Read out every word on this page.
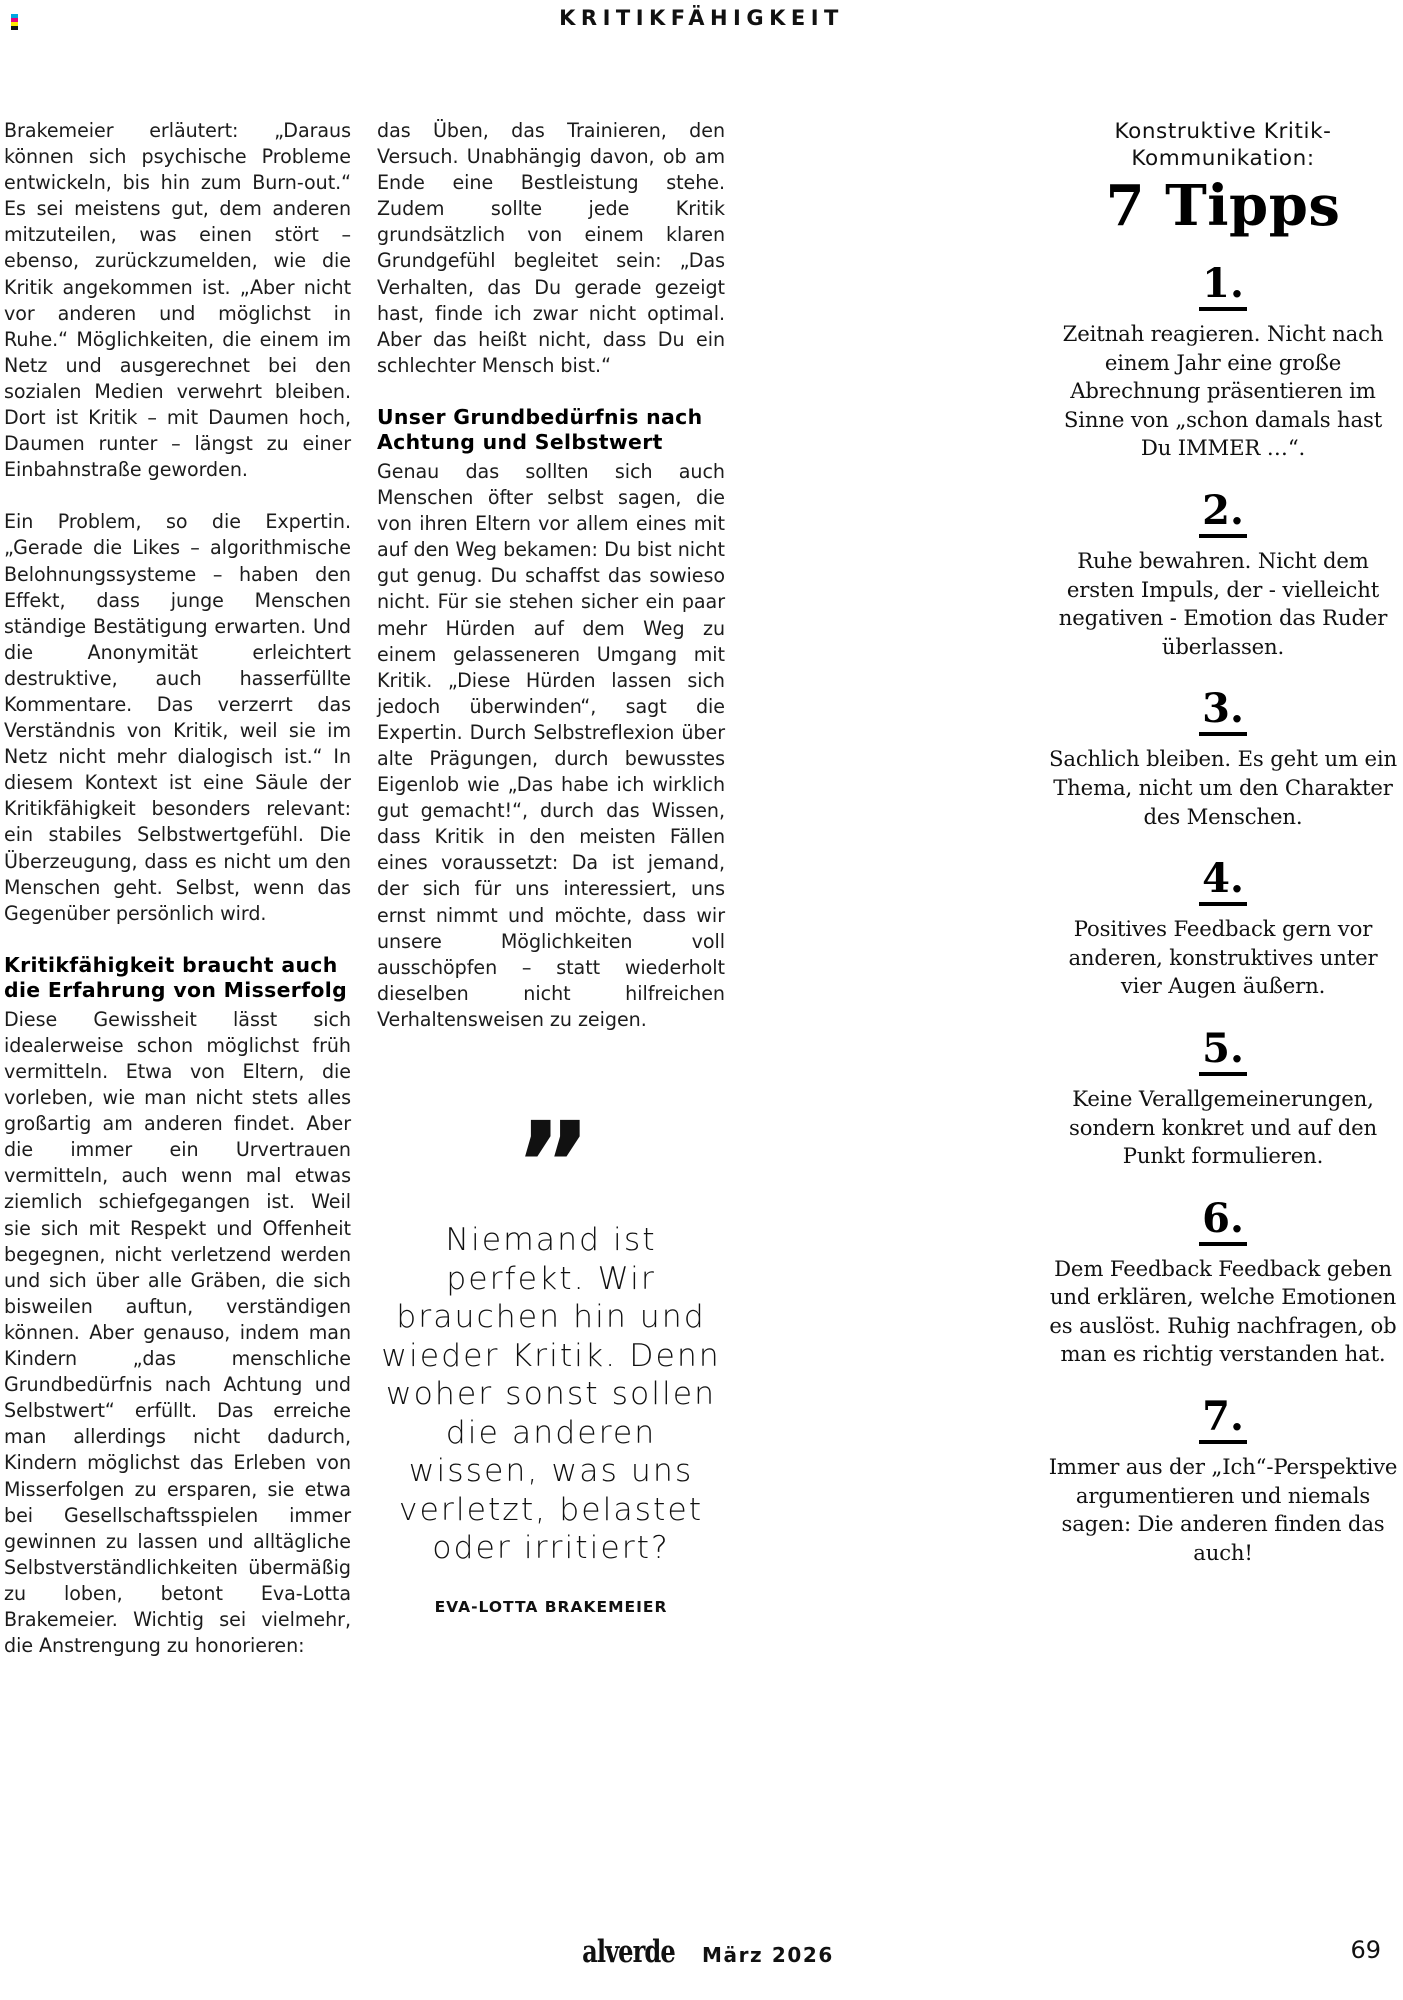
KRITIKFÄHIGKEIT

Brakemeier erläutert: „Daraus können sich psychische Probleme entwickeln, bis hin zum Burn-out.“ Es sei meistens gut, dem anderen mitzuteilen, was einen stört – ebenso, zurückzumelden, wie die Kritik angekommen ist. „Aber nicht vor anderen und möglichst in Ruhe.“ Möglichkeiten, die einem im Netz und ausgerechnet bei den sozialen Medien verwehrt bleiben. Dort ist Kritik – mit Daumen hoch, Daumen runter – längst zu einer Einbahnstraße geworden.

Ein Problem, so die Expertin. „Gerade die Likes – algorithmische Belohnungssysteme – haben den Effekt, dass junge Menschen ständige Bestätigung erwarten. Und die Anonymität erleichtert destruktive, auch hasserfüllte Kommentare. Das verzerrt das Verständnis von Kritik, weil sie im Netz nicht mehr dialogisch ist.“ In diesem Kontext ist eine Säule der Kritikfähigkeit besonders relevant: ein stabiles Selbstwertgefühl. Die Überzeugung, dass es nicht um den Menschen geht. Selbst, wenn das Gegenüber persönlich wird.

Kritikfähigkeit braucht auch die Erfahrung von Misserfolg

Diese Gewissheit lässt sich idealerweise schon möglichst früh vermitteln. Etwa von Eltern, die vorleben, wie man nicht stets alles großartig am anderen findet. Aber die immer ein Urvertrauen vermitteln, auch wenn mal etwas ziemlich schiefgegangen ist. Weil sie sich mit Respekt und Offenheit begegnen, nicht verletzend werden und sich über alle Gräben, die sich bisweilen auftun, verständigen können. Aber genauso, indem man Kindern „das menschliche Grundbedürfnis nach Achtung und Selbstwert“ erfüllt. Das erreiche man allerdings nicht dadurch, Kindern möglichst das Erleben von Misserfolgen zu ersparen, sie etwa bei Gesellschaftsspielen immer gewinnen zu lassen und alltägliche Selbstverständlichkeiten übermäßig zu loben, betont Eva-Lotta Brakemeier. Wichtig sei vielmehr, die Anstrengung zu honorieren:

das Üben, das Trainieren, den Versuch. Unabhängig davon, ob am Ende eine Bestleistung stehe. Zudem sollte jede Kritik grundsätzlich von einem klaren Grundgefühl begleitet sein: „Das Verhalten, das Du gerade gezeigt hast, finde ich zwar nicht optimal. Aber das heißt nicht, dass Du ein schlechter Mensch bist.“

Unser Grundbedürfnis nach Achtung und Selbstwert

Genau das sollten sich auch Menschen öfter selbst sagen, die von ihren Eltern vor allem eines mit auf den Weg bekamen: Du bist nicht gut genug. Du schaffst das sowieso nicht. Für sie stehen sicher ein paar mehr Hürden auf dem Weg zu einem gelasseneren Umgang mit Kritik. „Diese Hürden lassen sich jedoch überwinden“, sagt die Expertin. Durch Selbstreflexion über alte Prägungen, durch bewusstes Eigenlob wie „Das habe ich wirklich gut gemacht!“, durch das Wissen, dass Kritik in den meisten Fällen eines voraussetzt: Da ist jemand, der sich für uns interessiert, uns ernst nimmt und möchte, dass wir unsere Möglichkeiten voll ausschöpfen – statt wiederholt dieselben nicht hilfreichen Verhaltensweisen zu zeigen.

”
Niemand ist perfekt. Wir brauchen hin und wieder Kritik. Denn woher sonst sollen die anderen wissen, was uns verletzt, belastet oder irritiert?
EVA-LOTTA BRAKEMEIER
Konstruktive Kritik- Kommunikation:
7 Tipps
1.
Zeitnah reagieren. Nicht nach einem Jahr eine große Abrechnung präsentieren im Sinne von „schon damals hast Du IMMER …“.
2.
Ruhe bewahren. Nicht dem ersten Impuls, der - vielleicht negativen - Emotion das Ruder überlassen.
3.
Sachlich bleiben. Es geht um ein Thema, nicht um den Charakter des Menschen.
4.
Positives Feedback gern vor anderen, konstruktives unter vier Augen äußern.
5.
Keine Verallgemeinerungen, sondern konkret und auf den Punkt formulieren.
6.
Dem Feedback Feedback geben und erklären, welche Emotionen es auslöst. Ruhig nachfragen, ob man es richtig verstanden hat.
7.
Immer aus der „Ich“-Perspektive argumentieren und niemals sagen: Die anderen finden das auch!
alverde März 2026	69
